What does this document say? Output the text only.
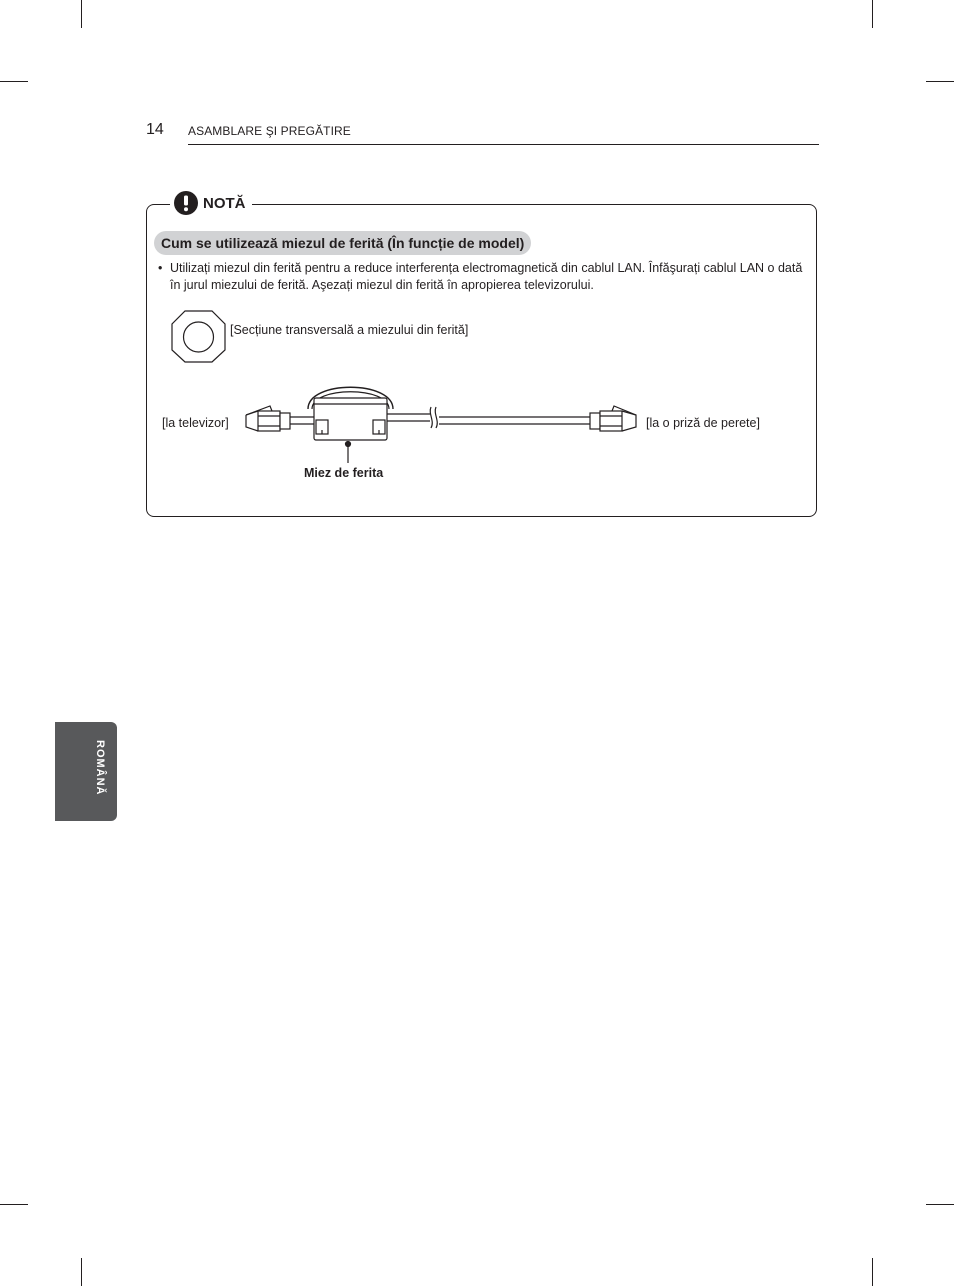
14 ASAMBLARE ŞI PREGĂTIRE
NOTĂ
Cum se utilizează miezul de ferită (În funcție de model)
• Utilizați miezul din ferită pentru a reduce interferența electromagnetică din cablul LAN. Înfăşurați cablul LAN o dată în jurul miezului de ferită. Aşezați miezul din ferită în apropierea televizorului.
[Secțiune transversală a miezului din ferită]
[la televizor]	[la o priză de perete]
Miez de ferita
ROMÂNĂ
